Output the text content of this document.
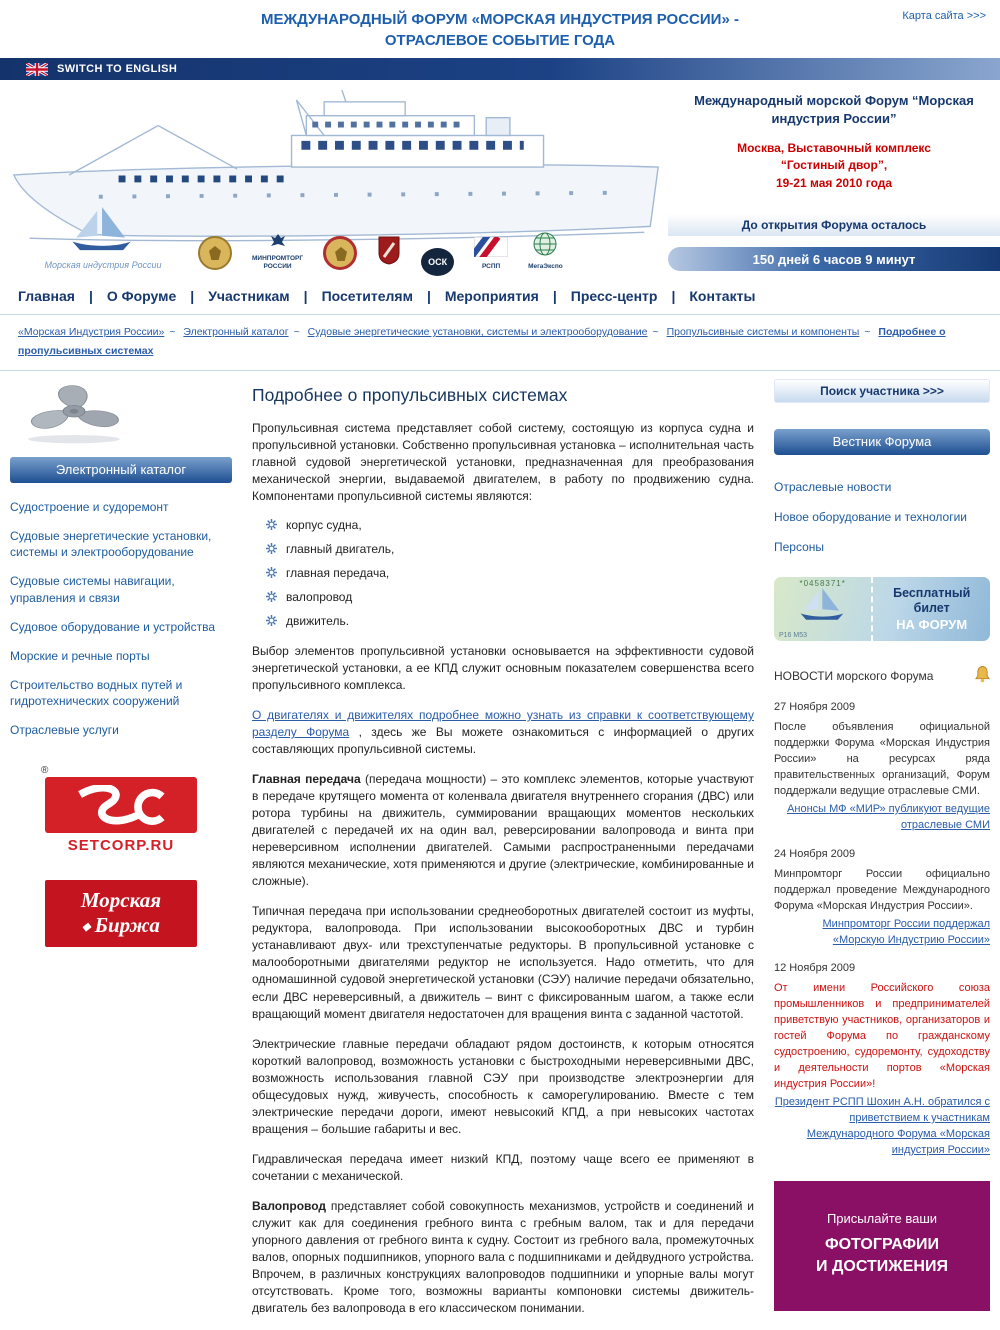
МЕЖДУНАРОДНЫЙ ФОРУМ «МОРСКАЯ ИНДУСТРИЯ РОССИИ» -
ОТРАСЛЕВОЕ СОБЫТИЕ ГОДА
Карта сайта >>>
SWITCH TO ENGLISH
Морская индустрия России
МИНПРОМТОРГ
РОССИИ	ОСК	РСПП	МегаЭкспо
Международный морской Форум “Морская индустрия России”
Москва, Выставочный комплекс
“Гостиный двор”,
19-21 мая 2010 года
До открытия Форума осталось
150 дней 6 часов 9 минут
Главная | О Форуме | Участникам | Посетителям | Мероприятия | Пресс-центр | Контакты
«Морская Индустрия России» ~ Электронный каталог ~ Судовые энергетические установки, системы и электрооборудование ~ Пропульсивные системы и компоненты ~ Подробнее о пропульсивных системах
Электронный каталог
Судостроение и судоремонт
Судовые энергетические установки, системы и электрооборудование
Судовые системы навигации, управления и связи
Судовое оборудование и устройства
Морские и речные порты
Строительство водных путей и гидротехнических сооружений
Отраслевые услуги
®
SETCORP.RU
Морская
◆ Биржа
Подробнее о пропульсивных системах

Пропульсивная система представляет собой систему, состоящую из корпуса судна и пропульсивной установки. Собственно пропульсивная установка – исполнительная часть главной судовой энергетической установки, предназначенная для преобразования механической энергии, выдаваемой двигателем, в работу по продвижению судна. Компонентами пропульсивной системы являются:

корпус судна,
главный двигатель,
главная передача,
валопровод
движитель.

Выбор элементов пропульсивной установки основывается на эффективности судовой энергетической установки, а ее КПД служит основным показателем совершенства всего пропульсивного комплекса.

О двигателях и движителях подробнее можно узнать из справки к соответствующему разделу Форума , здесь же Вы можете ознакомиться с информацией о других составляющих пропульсивной системы.

Главная передача (передача мощности) – это комплекс элементов, которые участвуют в передаче крутящего момента от коленвала двигателя внутреннего сгорания (ДВС) или ротора турбины на движитель, суммировании вращающих моментов нескольких двигателей с передачей их на один вал, реверсировании валопровода и винта при нереверсивном исполнении двигателей. Самыми распространенными передачами являются механические, хотя применяются и другие (электрические, комбинированные и сложные).

Типичная передача при использовании среднеоборотных двигателей состоит из муфты, редуктора, валопровода. При использовании высокооборотных ДВС и турбин устанавливают двух- или трехступенчатые редукторы. В пропульсивной установке с малооборотными двигателями редуктор не используется. Надо отметить, что для одномашинной судовой энергетической установки (СЭУ) наличие передачи обязательно, если ДВС нереверсивный, а движитель – винт с фиксированным шагом, а также если вращающий момент двигателя недостаточен для вращения винта с заданной частотой.

Электрические главные передачи обладают рядом достоинств, к которым относятся короткий валопровод, возможность установки с быстроходными нереверсивными ДВС, возможность использования главной СЭУ при производстве электроэнергии для общесудовых нужд, живучесть, способность к саморегулированию. Вместе с тем электрические передачи дороги, имеют невысокий КПД, а при невысоких частотах вращения – большие габариты и вес.

Гидравлическая передача имеет низкий КПД, поэтому чаще всего ее применяют в сочетании с механической.

Валопровод представляет собой совокупность механизмов, устройств и соединений и служит как для соединения гребного винта с гребным валом, так и для передачи упорного давления от гребного винта к судну. Состоит из гребного вала, промежуточных валов, опорных подшипников, упорного вала с подшипниками и дейдвудного устройства. Впрочем, в различных конструкциях валопроводов подшипники и упорные валы могут отсутствовать. Кроме того, возможны варианты компоновки системы движитель-двигатель без валопровода в его классическом понимании.

Поиск участника >>>
Вестник Форума
Отраслевые новости
Новое оборудование и технологии
Персоны
*0458371*
Р16 М53
Бесплатный билет
НА ФОРУМ
НОВОСТИ морского Форума
27 Ноября 2009
После объявления официальной поддержки Форума «Морская Индустрия России» на ресурсах ряда правительственных организаций, Форум поддержали ведущие отраслевые СМИ.
Анонсы МФ «МИР» публикуют ведущие отраслевые СМИ
24 Ноября 2009
Минпромторг России официально поддержал проведение Международного Форума «Морская Индустрия России».
Минпромторг России поддержал «Морскую Индустрию России»
12 Ноября 2009
От имени Российского союза промышленников и предпринимателей приветствую участников, организаторов и гостей Форума по гражданскому судостроению, судоремонту, судоходству и деятельности портов «Морская индустрия России»!
Президент РСПП Шохин А.Н. обратился с приветствием к участникам Международного Форума «Морская индустрия России»
Присылайте ваши
ФОТОГРАФИИ
И ДОСТИЖЕНИЯ
